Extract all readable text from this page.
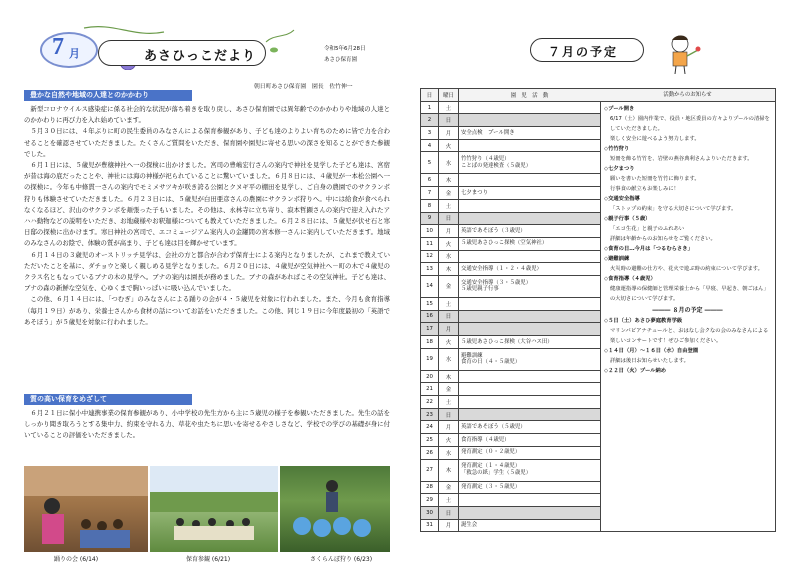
7 月	あさひっこだより	令和5年6月28日
あさひ保育園
朝日町あさひ保育園　園長　佐竹伸一
豊かな自然や地域の人達とのかかわり

新型コロナウイルス感染症に係る社会的な状況が落ち着きを取り戻し、あさひ保育園では異年齢でのかかわりや地域の人達とのかかわりに再び力を入れ始めています。

５月３０日には、４年ぶりに町の民生委員のみなさんによる保育参観があり、子ども達のよりよい育ちのために皆で力を合わせることを確認させていただきました。たくさんご質問をいただき、保育園や園児に寄せる思いの深さを知ることができた参観でした。

６月１日には、５歳児が豊穣神社へ一の探検に出かけました。宮司の豊嶋宏行さんの案内で神社を見学した子ども達は、宮宿が昔は海の底だったことや、神社には海の神様が祀られていることに驚いていました。６月８日には、４歳児が一本松公園へ一の探検に。今年も中條貫一さんの案内でモミメサツキが咲き誇る公園とクヌギ平の棚田を見学し、ご自身の農園でのサクランボ狩りも体験させていただきました。６月２３日には、５歳児が白田亜彦さんの農園にサクランボ狩りへ。中には給食が食べられなくなるほど、沢山のサクランボを頬張った子もいました。その他は、永林寺に立ち寄り、寂本哲顕さんの案内で迎え入れたアハハ動物などの説明をいただき、お地蔵様やお釈迦様についても教えていただきました。６月２８日には、５歳児が伏せ石と寒日邸の探検に出かけます。寒日神社の宮司で、エコミュージアム案内人の金罐間の宮本修一さんに案内していただきます。地域のみなさんのお陰で、体験の質が高まり、子ども達は目を輝かせています。

６月１４日の３歳児のオーストリッチ見学は、会社の方と都合が合わず保育士による案内となりましたが、これまで教えていただいたことを基に、ダチョウと楽しく親しめる見学となりました。６月２０日には、４歳児が空気神社へ－町の木で４歳児のクラス名ともなっているブナの木の見学へ。ブナの案内は園長が務めました。ブナの森があればこその空気神社。子ども達は、ブナの森の新鮮な空気を、心ゆくまで胸いっぱいに吸い込んでいました。

この他、６月１４日には、「つむぎ」のみなさんによる踊りの会が４・５歳児を対象に行われました。また、今月も食育指導（毎月１９日）があり、栄養士さんから食材の話についてお話をいただきました。この他、同じ１９日に今年度最初の「英語であそぼう」が５歳児を対象に行われました。

質の高い保育をめざして

６月２１日に保小中連携事業の保育参観があり、小中学校の先生方から主に５歳児の様子を参観いただきました。先生の話をしっかり聞き取ろうとする集中力、約束を守れる力、草花や虫たちに思いを寄せるやさしさなど、学校での学びの基礎が身に付いていることの評価をいただきました。

踊りの会 (6/14)	保育参観 (6/21)	さくらんぼ狩り (6/23)
７月の予定
日	曜日	園　児　活　動
1	土	
2	日	
3	月	安全点検　プール開き
4	火	
5	水	竹竹狩り（４歳児）
ことばの発達検査（５歳児）
6	木	
7	金	七夕まつり
8	土	
9	日	
10	月	英語であそぼう（３歳児）
11	火	５歳児あさひっこ探検（空気神社）
12	水	
13	木	交通安全指導（１・２・４歳児）
14	金	交通安全指導（３・５歳児）
５歳児親子行事
15	土	
16	日	
17	月	
18	火	５歳児あさひっこ探検（大谷ハス田）
19	水	避難訓練
食育の日（４・５歳児）
20	木	
21	金	
22	土	
23	日	
24	月	英語であそぼう（５歳児）
25	火	食育指導（４歳児）
26	水	発育測定（０・２歳児）
27	木	発育測定（１・４歳児）
「救急の紙」学生（５歳児）
28	金	発育測定（３・５歳児）
29	土	
30	日	
31	月	誕生会
活動からのお知らせ
◇プール開き
6/17（土）園内作業で、役員・地区委員の方々よりプールの清掃をしていただきました。
楽しく安全に遊べるよう努力します。
◇竹竹狩り
短冊を飾る竹竹を、岩壁の燕谷典利さんよりいただきます。
◇七夕まつり
願いを書いた短冊を竹竹に飾ります。
行事食の献立もお楽しみに！
◇交通安全指導
「ストップの約束」を守る大切さについて学びます。
◇親子行事（５歳）
「エコ生花」と親子のふれあい
詳細は年齢からのお知らせをご覧ください。
◇食育の日…今月は「つるむらさき」
◇避難訓練
火災時の避難の仕方や、花火で遊ぶ時の約束について学びます。
◇食育指導（４歳児）
健康運指導の保健師と管理栄養士から「早寝、早起き、朝ごはん」の大切さについて学びます。
――― ８月の予定 ―――
◇５日（土）あさひ夢庭教育学級
マリンバピアナチュールと、おはなし会クなの会のみなさんによる楽しいコンサートです！ぜひご参加ください。
◇１４日（月）～１６日（水）自由登園
詳細は後日お知らせいたします。
◇２２日（火）プール納め
